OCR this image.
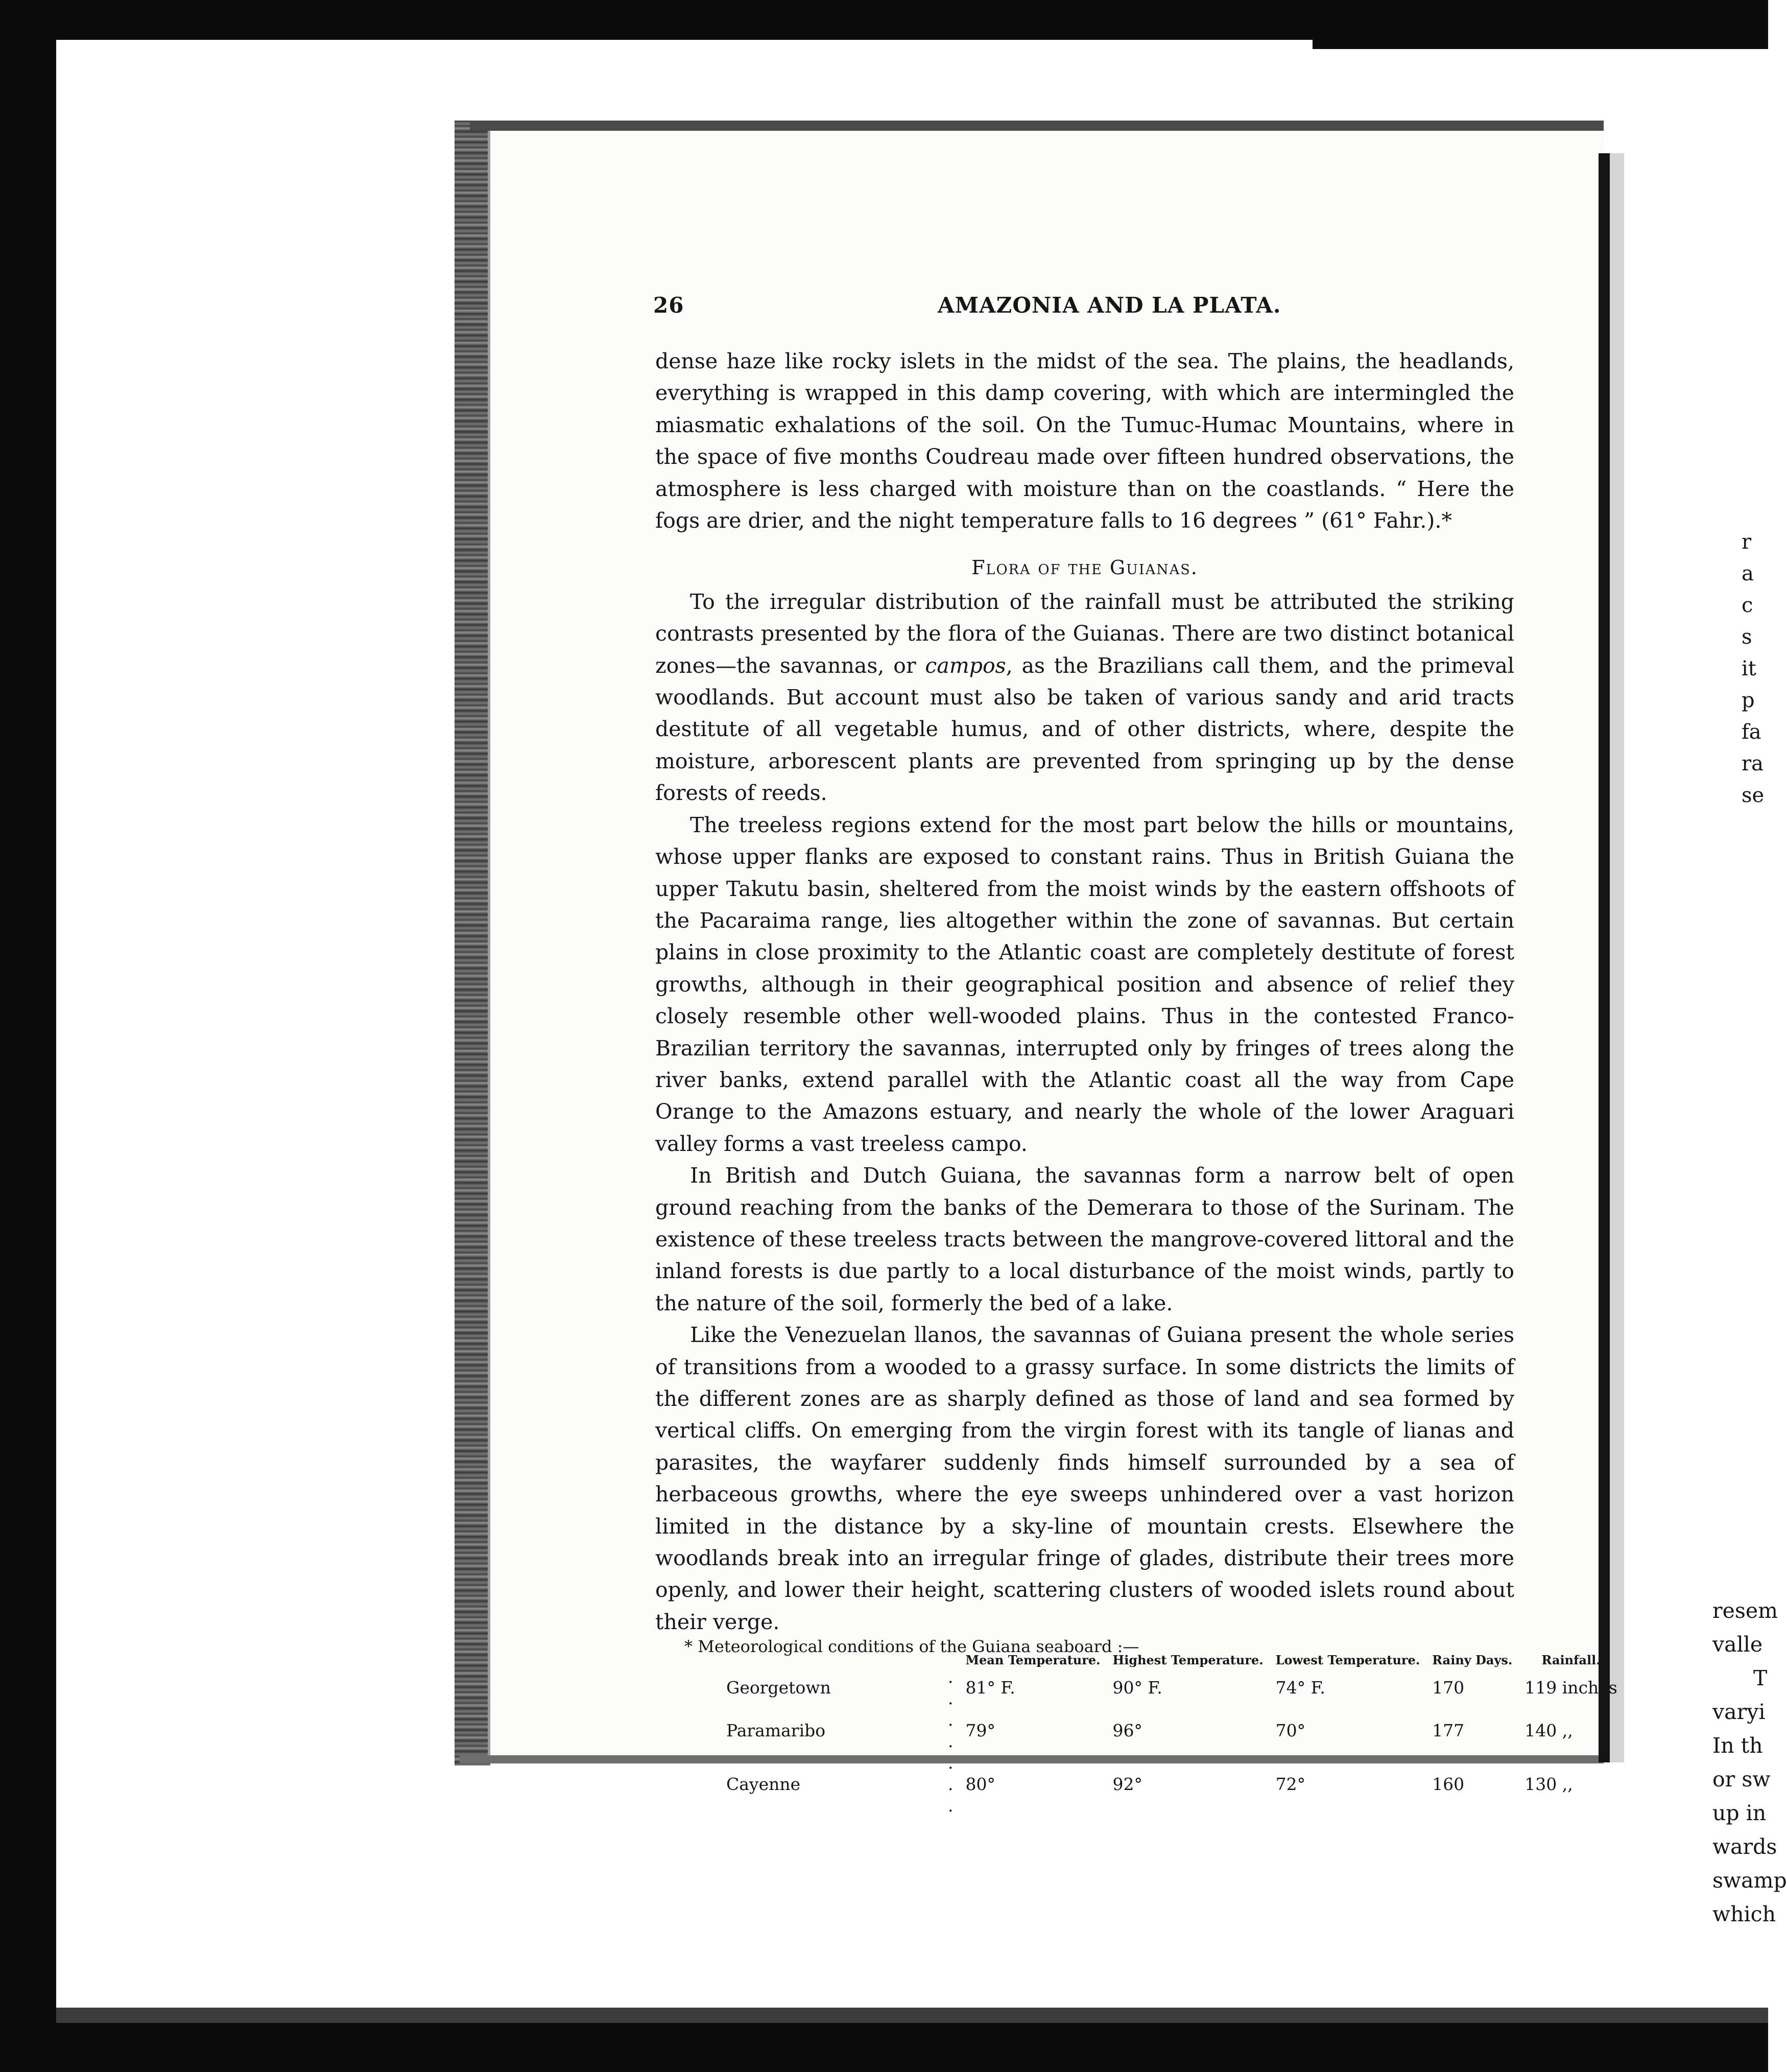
r
a
c
s
it
p
fa
ra
se
resem
valle
T
varyi
In th
or sw
up in
wards
swamp
which
26	AMAZONIA AND LA PLATA.

dense haze like rocky islets in the midst of the sea. The plains, the headlands, everything is wrapped in this damp covering, with which are intermingled the miasmatic exhalations of the soil. On the Tumuc-Humac Mountains, where in the space of five months Coudreau made over fifteen hundred observations, the atmosphere is less charged with moisture than on the coastlands. “ Here the fogs are drier, and the night temperature falls to 16 degrees ” (61° Fahr.).*

Flora of the Guianas.

To the irregular distribution of the rainfall must be attributed the striking contrasts presented by the flora of the Guianas. There are two distinct botanical zones—the savannas, or campos, as the Brazilians call them, and the primeval woodlands. But account must also be taken of various sandy and arid tracts destitute of all vegetable humus, and of other districts, where, despite the moisture, arborescent plants are prevented from springing up by the dense forests of reeds.

The treeless regions extend for the most part below the hills or mountains, whose upper flanks are exposed to constant rains. Thus in British Guiana the upper Takutu basin, sheltered from the moist winds by the eastern offshoots of the Pacaraima range, lies altogether within the zone of savannas. But certain plains in close proximity to the Atlantic coast are completely destitute of forest growths, although in their geographical position and absence of relief they closely resemble other well-wooded plains. Thus in the contested Franco-Brazilian territory the savannas, interrupted only by fringes of trees along the river banks, extend parallel with the Atlantic coast all the way from Cape Orange to the Amazons estuary, and nearly the whole of the lower Araguari valley forms a vast treeless campo.

In British and Dutch Guiana, the savannas form a narrow belt of open ground reaching from the banks of the Demerara to those of the Surinam. The existence of these treeless tracts between the mangrove-covered littoral and the inland forests is due partly to a local disturbance of the moist winds, partly to the nature of the soil, formerly the bed of a lake.

Like the Venezuelan llanos, the savannas of Guiana present the whole series of transitions from a wooded to a grassy surface. In some districts the limits of the different zones are as sharply defined as those of land and sea formed by vertical cliffs. On emerging from the virgin forest with its tangle of lianas and parasites, the wayfarer suddenly finds himself surrounded by a sea of herbaceous growths, where the eye sweeps unhindered over a vast horizon limited in the distance by a sky-line of mountain crests. Elsewhere the woodlands break into an irregular fringe of glades, distribute their trees more openly, and lower their height, scattering clusters of wooded islets round about their verge.

* Meteorological conditions of the Guiana seaboard :—
		Mean Temperature.	Highest Temperature.	Lowest Temperature.	Rainy Days.	Rainfall.
Georgetown	. .	81° F.	90° F.	74° F.	170	119 inches
Paramaribo	. .	79°	96°	70°	177	140 ,,
Cayenne	. . .	80°	92°	72°	160	130 ,,
